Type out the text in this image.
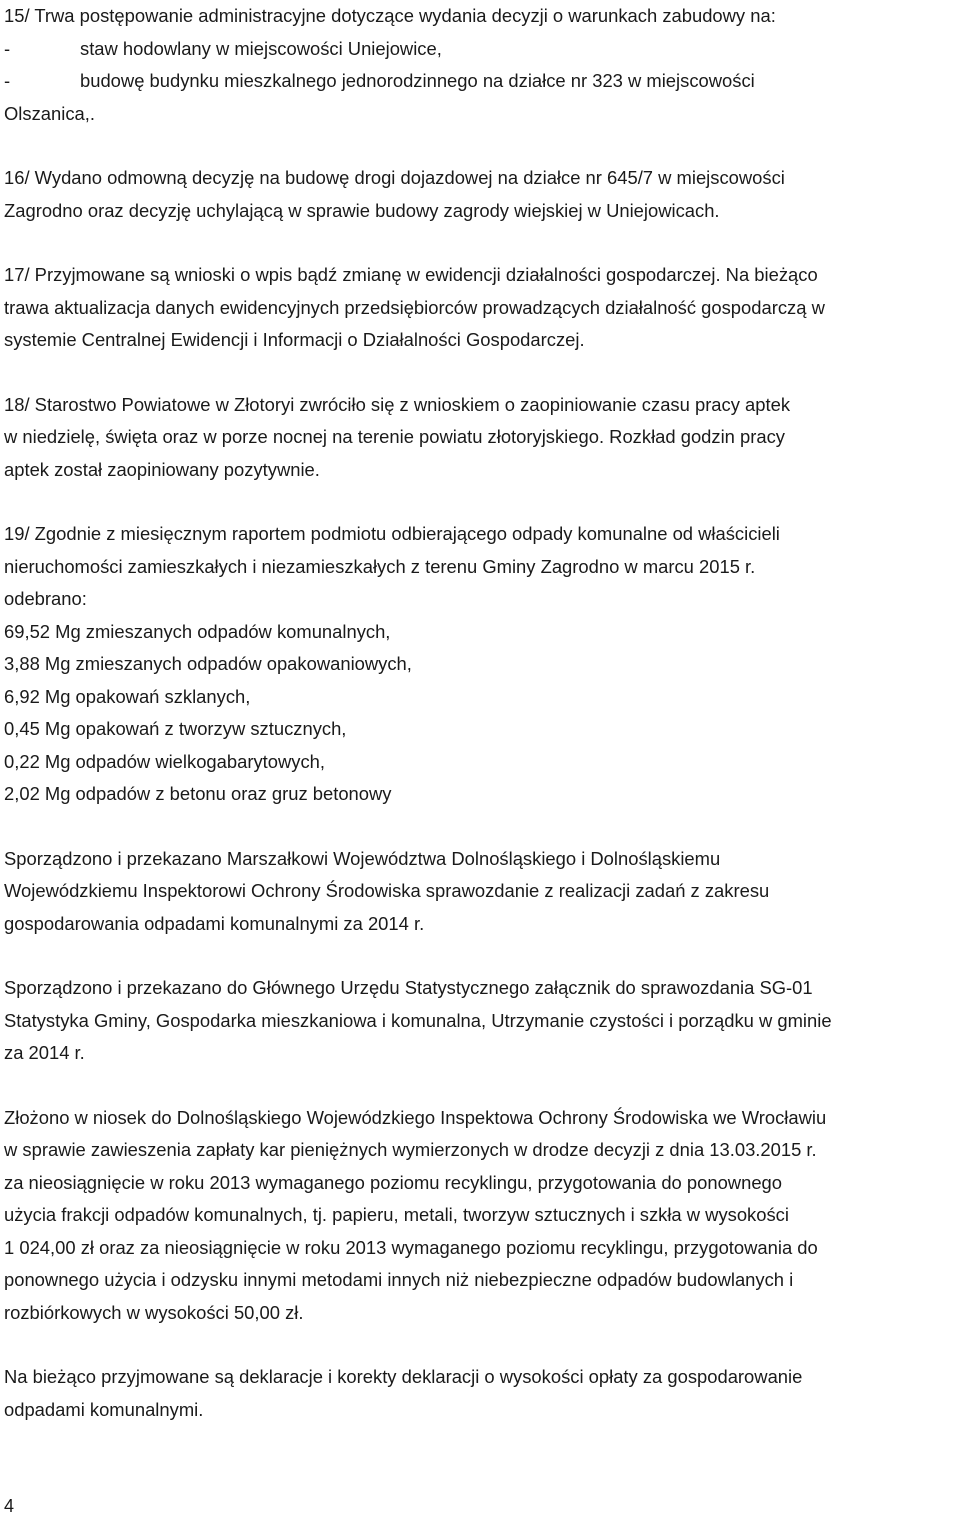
15/ Trwa postępowanie administracyjne dotyczące wydania decyzji o warunkach zabudowy na:
-	staw hodowlany w miejscowości Uniejowice,
-	budowę budynku mieszkalnego jednorodzinnego na działce nr 323 w miejscowości
Olszanica,.
16/ Wydano odmowną decyzję na budowę drogi dojazdowej na działce nr 645/7 w miejscowości
Zagrodno oraz decyzję uchylającą w sprawie budowy zagrody wiejskiej w Uniejowicach.
17/ Przyjmowane są wnioski o wpis bądź zmianę w ewidencji działalności gospodarczej. Na bieżąco
trawa aktualizacja danych ewidencyjnych przedsiębiorców prowadzących działalność gospodarczą w
systemie Centralnej Ewidencji i Informacji o Działalności Gospodarczej.
18/ Starostwo Powiatowe w Złotoryi zwróciło się z wnioskiem o zaopiniowanie czasu pracy aptek
w niedzielę, święta oraz w porze nocnej na terenie powiatu złotoryjskiego. Rozkład godzin pracy
aptek został zaopiniowany pozytywnie.
19/ Zgodnie z miesięcznym raportem podmiotu odbierającego odpady komunalne od właścicieli
nieruchomości zamieszkałych i niezamieszkałych z terenu Gminy Zagrodno w marcu 2015 r.
odebrano:
69,52 Mg zmieszanych odpadów komunalnych,
3,88 Mg zmieszanych odpadów opakowaniowych,
6,92 Mg opakowań szklanych,
0,45 Mg opakowań z tworzyw sztucznych,
0,22 Mg odpadów wielkogabarytowych,
2,02 Mg odpadów z betonu oraz gruz betonowy
Sporządzono i przekazano Marszałkowi Województwa Dolnośląskiego i Dolnośląskiemu
Wojewódzkiemu Inspektorowi Ochrony Środowiska sprawozdanie z realizacji zadań z zakresu
gospodarowania odpadami komunalnymi za 2014 r.
Sporządzono i przekazano do Głównego Urzędu Statystycznego załącznik do sprawozdania SG-01
Statystyka Gminy, Gospodarka mieszkaniowa i komunalna, Utrzymanie czystości i porządku w gminie
za 2014 r.
Złożono w niosek do Dolnośląskiego Wojewódzkiego Inspektowa Ochrony Środowiska we Wrocławiu
w sprawie zawieszenia zapłaty kar pieniężnych wymierzonych w drodze decyzji z dnia 13.03.2015 r.
za nieosiągnięcie w roku 2013 wymaganego poziomu recyklingu, przygotowania do ponownego
użycia frakcji odpadów komunalnych, tj. papieru, metali, tworzyw sztucznych i szkła w wysokości
1 024,00 zł oraz za nieosiągnięcie w roku 2013 wymaganego poziomu recyklingu, przygotowania do
ponownego użycia i odzysku innymi metodami innych niż niebezpieczne odpadów budowlanych i
rozbiórkowych w wysokości 50,00 zł.
Na bieżąco przyjmowane są deklaracje i korekty deklaracji o wysokości opłaty za gospodarowanie
odpadami komunalnymi.
4
